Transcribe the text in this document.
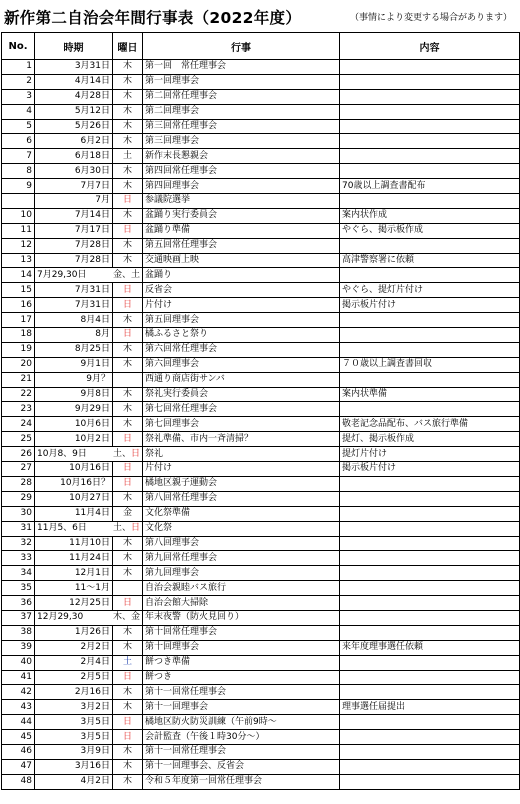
新作第二自治会年間行事表（2022年度）	（事情により変更する場合があります）
No.	時期	曜日	行事	内容
1	3月31日	木	第一回　常任理事会	
2	4月14日	木	第一回理事会	
3	4月28日	木	第二回常任理事会	
4	5月12日	木	第二回理事会	
5	5月26日	木	第三回常任理事会	
6	6月2日	木	第三回理事会	
7	6月18日	土	新作末長懇親会	
8	6月30日	木	第四回常任理事会	
9	7月7日	木	第四回理事会	70歳以上調査書配布
	7月	日	参議院選挙	
10	7月14日	木	盆踊り実行委員会	案内状作成
11	7月17日	日	盆踊り準備	やぐら、掲示板作成
12	7月28日	木	第五回常任理事会	
13	7月28日	木	交通映画上映	高津警察署に依頼
14	7月29,30日 金、土		盆踊り	
15	7月31日	日	反省会	やぐら、提灯片付け
16	7月31日	日	片付け	掲示板片付け
17	8月4日	木	第五回理事会	
18	8月	日	橘ふるさと祭り	
19	8月25日	木	第六回常任理事会	
20	9月1日	木	第六回理事会	７０歳以上調査書回収
21	9月？		西通り商店街サンバ	
22	9月8日	木	祭礼実行委員会	案内状準備
23	9月29日	木	第七回常任理事会	
24	10月6日	木	第七回理事会	敬老記念品配布、バス旅行準備
25	10月2日	日	祭礼準備、市内一斉清掃？	提灯、掲示板作成
26	10月8、9日 土、日		祭礼	提灯片付け
27	10月16日	日	片付け	掲示板片付け
28	10月16日？	日	橘地区親子運動会	
29	10月27日	木	第八回常任理事会	
30	11月4日	金	文化祭準備	
31	11月5、6日 土、日		文化祭	
32	11月10日	木	第八回理事会	
33	11月24日	木	第九回常任理事会	
34	12月1日	木	第九回理事会	
35	11～1月		自治会親睦バス旅行	
36	12月25日	日	自治会館大掃除	
37	12月29,30 木、金		年末夜警（防火見回り）	
38	1月26日	木	第十回常任理事会	
39	2月2日	木	第十回理事会	来年度理事選任依頼
40	2月4日	土	餅つき準備	
41	2月5日	日	餅つき	
42	2月16日	木	第十一回常任理事会	
43	3月2日	木	第十一回理事会	理事選任届提出
44	3月5日	日	橘地区防火防災訓練（午前9時～	
45	3月5日	日	会計監査（午後１時30分～）	
46	3月9日	木	第十一回常任理事会	
47	3月16日	木	第十一回理事会、反省会	
48	4月2日	木	令和５年度第一回常任理事会	
